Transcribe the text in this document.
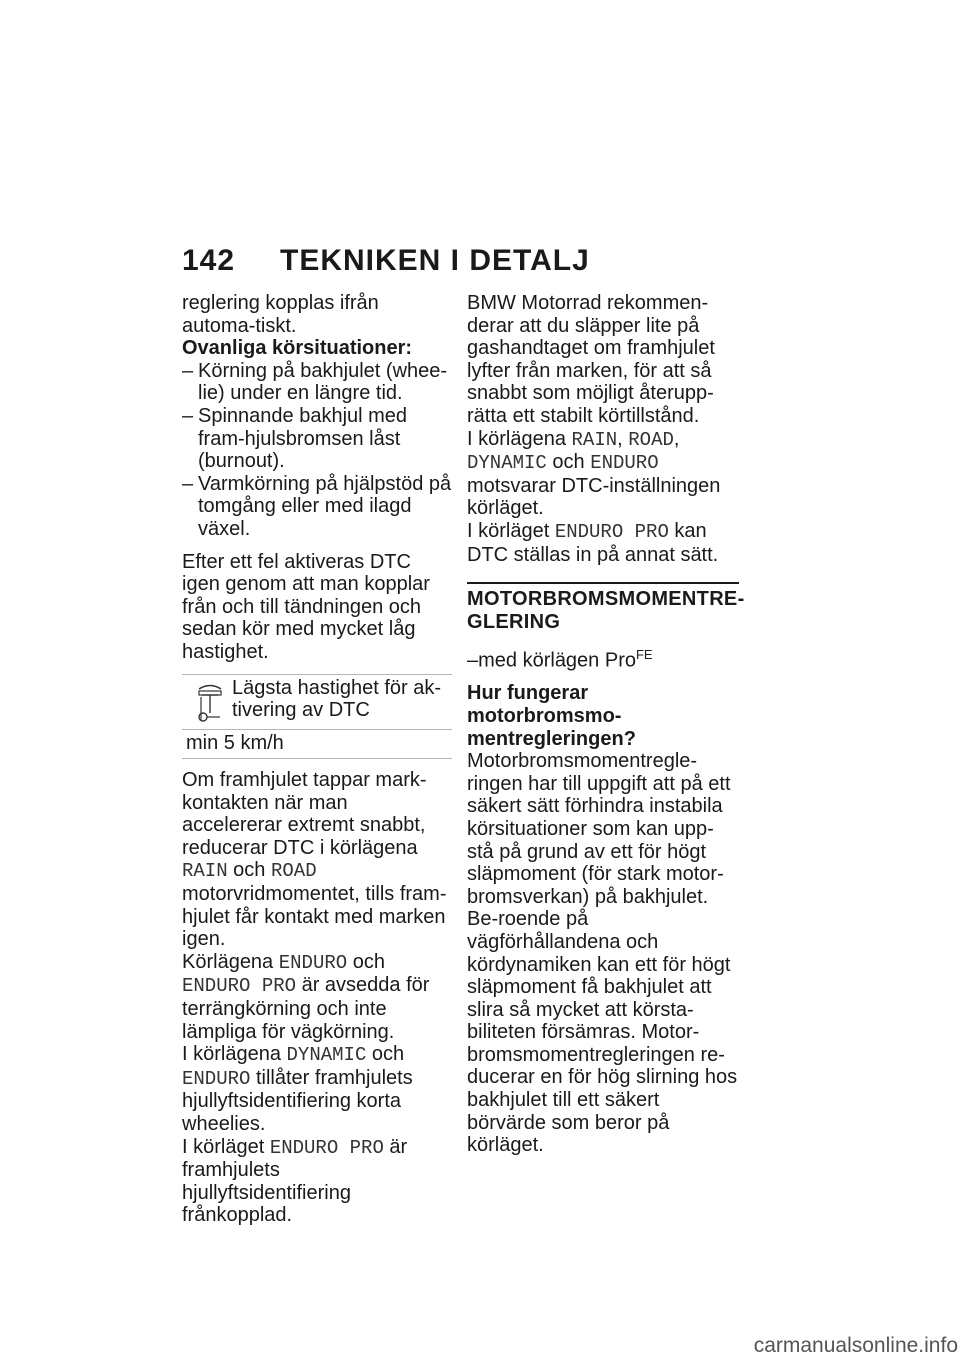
142 TEKNIKEN I DETALJ

reglering kopplas ifrån automa-tiskt.

Ovanliga körsituationer:

– Körning på bakhjulet (whee-lie) under en längre tid.

– Spinnande bakhjul med fram-hjulsbromsen låst (burnout).

– Varmkörning på hjälpstöd på tomgång eller med ilagd växel.

Efter ett fel aktiveras DTC igen genom att man kopplar från och till tändningen och sedan kör med mycket låg hastighet.

Lägsta hastighet för ak-tivering av DTC
min 5 km/h

Om framhjulet tappar mark-kontakten när man accelererar extremt snabbt, reducerar DTC i körlägena RAIN och ROAD motorvridmomentet, tills fram-hjulet får kontakt med marken igen.

Körlägena ENDURO och ENDURO PRO är avsedda för terrängkörning och inte lämpliga för vägkörning.

I körlägena DYNAMIC och ENDURO tillåter framhjulets hjullyftsidentifiering korta wheelies.

I körläget ENDURO PRO är framhjulets hjullyftsidentifiering frånkopplad.

BMW Motorrad rekommen-derar att du släpper lite på gashandtaget om framhjulet lyfter från marken, för att så snabbt som möjligt återupp-rätta ett stabilt körtillstånd.

I körlägena RAIN, ROAD, DYNAMIC och ENDURO motsvarar DTC-inställningen körläget.

I körläget ENDURO PRO kan DTC ställas in på annat sätt.

MOTORBROMSMOMENTRE-GLERING

–med körlägen Pro$^{FE}$

Hur fungerar motorbromsmo-mentregleringen?

Motorbromsmomentregle-ringen har till uppgift att på ett säkert sätt förhindra instabila körsituationer som kan upp-stå på grund av ett för högt släpmoment (för stark motor-bromsverkan) på bakhjulet. Be-roende på vägförhållandena och kördynamiken kan ett för högt släpmoment få bakhjulet att slira så mycket att körsta-biliteten försämras. Motor-bromsmomentregleringen re-ducerar en för hög slirning hos bakhjulet till ett säkert börvärde som beror på körläget.

carmanualsonline.info
